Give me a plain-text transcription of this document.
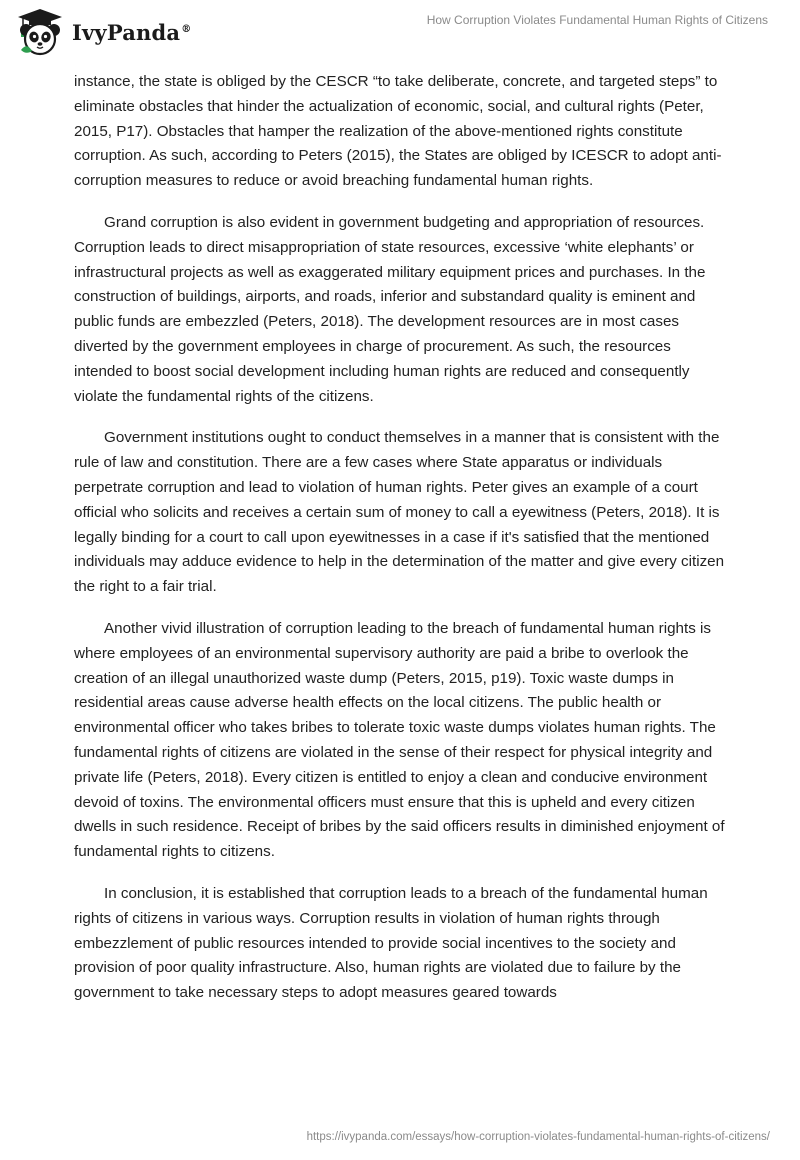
IvyPanda®
How Corruption Violates Fundamental Human Rights of Citizens

instance, the state is obliged by the CESCR “to take deliberate, concrete, and targeted steps” to eliminate obstacles that hinder the actualization of economic, social, and cultural rights (Peter, 2015, P17). Obstacles that hamper the realization of the above-mentioned rights constitute corruption. As such, according to Peters (2015), the States are obliged by ICESCR to adopt anti-corruption measures to reduce or avoid breaching fundamental human rights.

Grand corruption is also evident in government budgeting and appropriation of resources. Corruption leads to direct misappropriation of state resources, excessive ‘white elephants’ or infrastructural projects as well as exaggerated military equipment prices and purchases. In the construction of buildings, airports, and roads, inferior and substandard quality is eminent and public funds are embezzled (Peters, 2018). The development resources are in most cases diverted by the government employees in charge of procurement. As such, the resources intended to boost social development including human rights are reduced and consequently violate the fundamental rights of the citizens.

Government institutions ought to conduct themselves in a manner that is consistent with the rule of law and constitution. There are a few cases where State apparatus or individuals perpetrate corruption and lead to violation of human rights. Peter gives an example of a court official who solicits and receives a certain sum of money to call a eyewitness (Peters, 2018). It is legally binding for a court to call upon eyewitnesses in a case if it's satisfied that the mentioned individuals may adduce evidence to help in the determination of the matter and give every citizen the right to a fair trial.

Another vivid illustration of corruption leading to the breach of fundamental human rights is where employees of an environmental supervisory authority are paid a bribe to overlook the creation of an illegal unauthorized waste dump (Peters, 2015, p19). Toxic waste dumps in residential areas cause adverse health effects on the local citizens. The public health or environmental officer who takes bribes to tolerate toxic waste dumps violates human rights. The fundamental rights of citizens are violated in the sense of their respect for physical integrity and private life (Peters, 2018). Every citizen is entitled to enjoy a clean and conducive environment devoid of toxins. The environmental officers must ensure that this is upheld and every citizen dwells in such residence. Receipt of bribes by the said officers results in diminished enjoyment of fundamental rights to citizens.

In conclusion, it is established that corruption leads to a breach of the fundamental human rights of citizens in various ways. Corruption results in violation of human rights through embezzlement of public resources intended to provide social incentives to the society and provision of poor quality infrastructure. Also, human rights are violated due to failure by the government to take necessary steps to adopt measures geared towards

https://ivypanda.com/essays/how-corruption-violates-fundamental-human-rights-of-citizens/
